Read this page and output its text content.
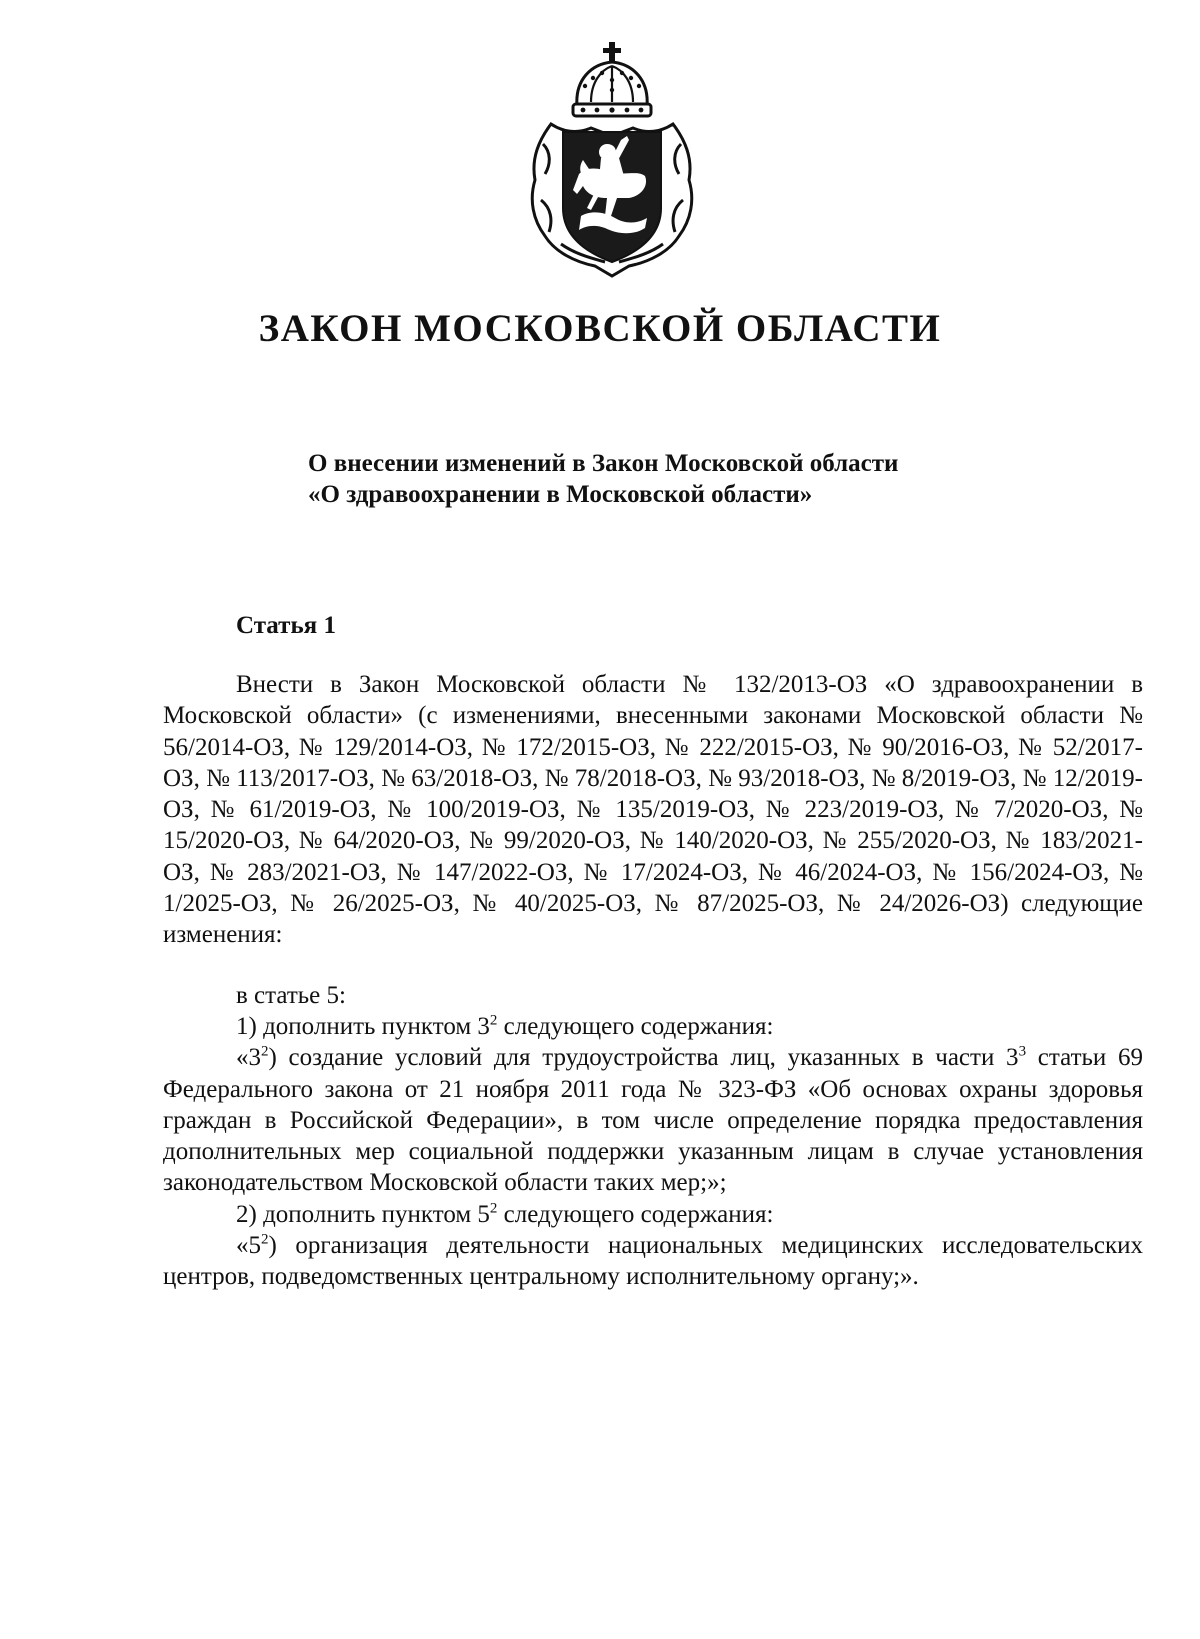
ЗАКОН МОСКОВСКОЙ ОБЛАСТИ
О внесении изменений в Закон Московской области
«О здравоохранении в Московской области»
Статья 1

Внести в Закон Московской области № 132/2013-ОЗ «О здравоохранении в Московской области» (с изменениями, внесенными законами Московской области № 56/2014-ОЗ, № 129/2014-ОЗ, № 172/2015-ОЗ, № 222/2015-ОЗ, № 90/2016-ОЗ, № 52/2017-ОЗ, № 113/2017-ОЗ, № 63/2018-ОЗ, № 78/2018-ОЗ, № 93/2018-ОЗ, № 8/2019-ОЗ, № 12/2019-ОЗ, № 61/2019-ОЗ, № 100/2019-ОЗ, № 135/2019-ОЗ, № 223/2019-ОЗ, № 7/2020-ОЗ, № 15/2020-ОЗ, № 64/2020-ОЗ, № 99/2020-ОЗ, № 140/2020-ОЗ, № 255/2020-ОЗ, № 183/2021-ОЗ, № 283/2021-ОЗ, № 147/2022-ОЗ, № 17/2024-ОЗ, № 46/2024-ОЗ, № 156/2024-ОЗ, № 1/2025-ОЗ, № 26/2025-ОЗ, № 40/2025-ОЗ, № 87/2025-ОЗ, № 24/2026-ОЗ) следующие изменения:

в статье 5:

1) дополнить пунктом $3^2$ следующего содержания:

«$3^2$) создание условий для трудоустройства лиц, указанных в части $3^3$ статьи 69 Федерального закона от 21 ноября 2011 года № 323-ФЗ «Об основах охраны здоровья граждан в Российской Федерации», в том числе определение порядка предоставления дополнительных мер социальной поддержки указанным лицам в случае установления законодательством Московской области таких мер;»;

2) дополнить пунктом $5^2$ следующего содержания:

«$5^2$) организация деятельности национальных медицинских исследовательских центров, подведомственных центральному исполнительному органу;».
